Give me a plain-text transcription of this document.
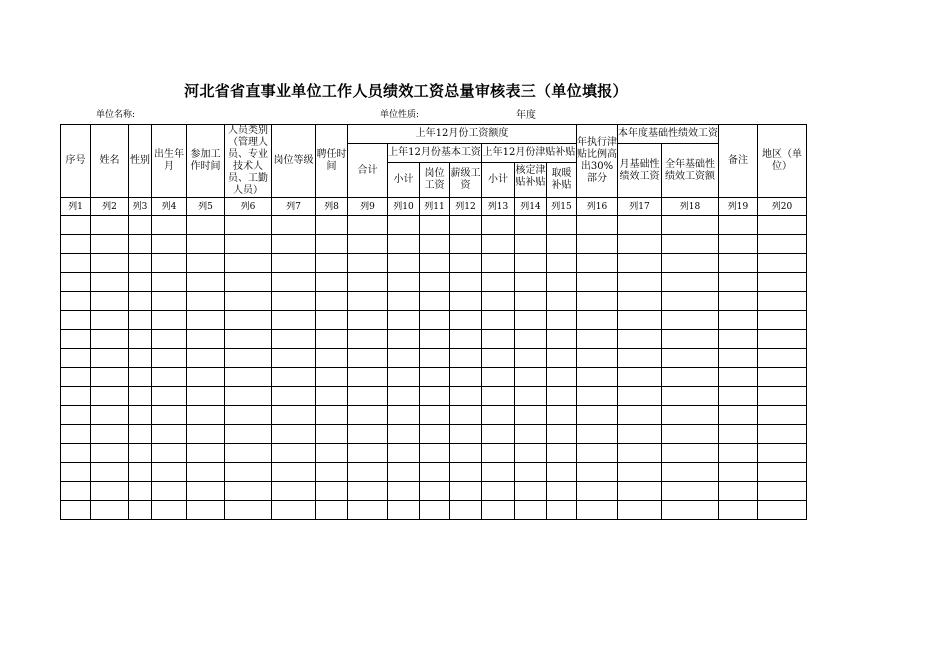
河北省省直事业单位工作人员绩效工资总量审核表三（单位填报）
单位名称:	单位性质:	年度
序号	姓名	性别	出生年月	参加工作时间	人员类别（管理人员、专业技术人员、工勤人员）	岗位等级	聘任时间	上年12月份工资额度							年执行津贴比例高出30%部分	本年度基础性绩效工资		备注	地区（单位）
								合计	上年12月份基本工资			上年12月份津贴补贴				月基础性绩效工资	全年基础性绩效工资额		
									小计	岗位工资	薪级工资	小计	核定津贴补贴	取暖补贴					
列1	列2	列3	列4	列5	列6	列7	列8	列9	列10	列11	列12	列13	列14	列15	列16	列17	列18	列19	列20
